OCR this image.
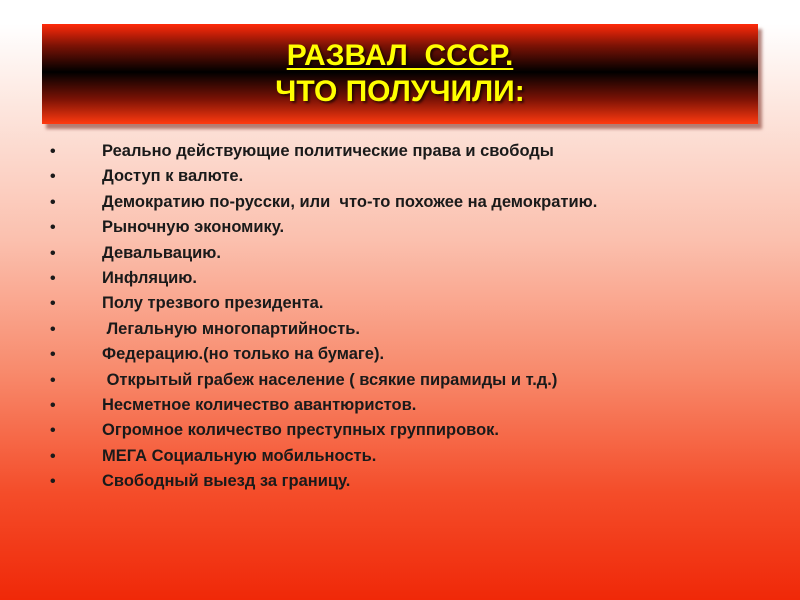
РАЗВАЛ  СССР.
ЧТО ПОЛУЧИЛИ:
•	Реально действующие политические права и свободы
•	Доступ к валюте.
•	Демократию по-русски, или  что-то похожее на демократию.
•	Рыночную экономику.
•	Девальвацию.
•	Инфляцию.
•	Полу трезвого президента.
•	Легальную многопартийность.
•	Федерацию.(но только на бумаге).
•	Открытый грабеж население ( всякие пирамиды и т.д.)
•	Несметное количество авантюристов.
•	Огромное количество преступных группировок.
•	МЕГА Социальную мобильность.
•	Свободный выезд за границу.
